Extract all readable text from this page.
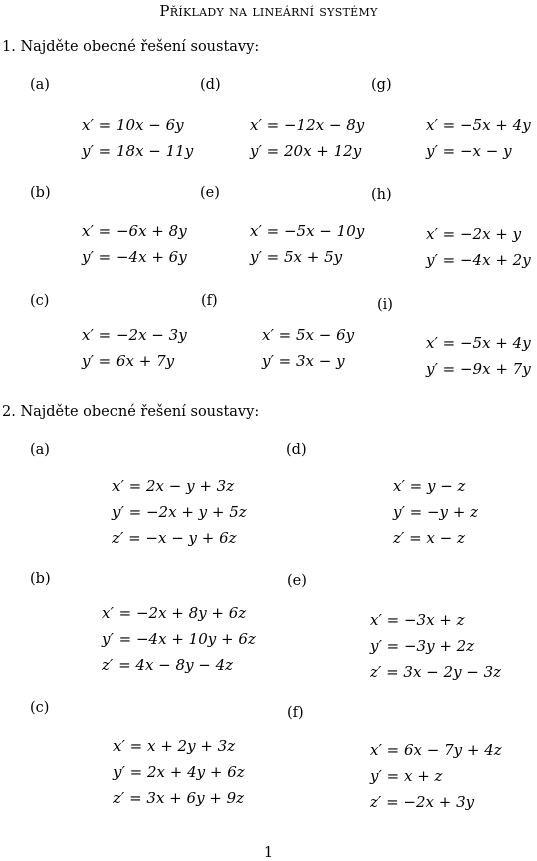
Příklady na lineární systémy
1. Najděte obecné řešení soustavy:
(a)
x′ = 10x − 6y
y′ = 18x − 11y
(d)
x′ = −12x − 8y
y′ = 20x + 12y
(g)
x′ = −5x + 4y
y′ = −x − y
(b)
x′ = −6x + 8y
y′ = −4x + 6y
(e)
x′ = −5x − 10y
y′ = 5x + 5y
(h)
x′ = −2x + y
y′ = −4x + 2y
(c)
x′ = −2x − 3y
y′ = 6x + 7y
(f)
x′ = 5x − 6y
y′ = 3x − y
(i)
x′ = −5x + 4y
y′ = −9x + 7y
2. Najděte obecné řešení soustavy:
(a)
x′ = 2x − y + 3z
y′ = −2x + y + 5z
z′ = −x − y + 6z
(d)
x′ = y − z
y′ = −y + z
z′ = x − z
(b)
x′ = −2x + 8y + 6z
y′ = −4x + 10y + 6z
z′ = 4x − 8y − 4z
(e)
x′ = −3x + z
y′ = −3y + 2z
z′ = 3x − 2y − 3z
(c)
x′ = x + 2y + 3z
y′ = 2x + 4y + 6z
z′ = 3x + 6y + 9z
(f)
x′ = 6x − 7y + 4z
y′ = x + z
z′ = −2x + 3y
1
